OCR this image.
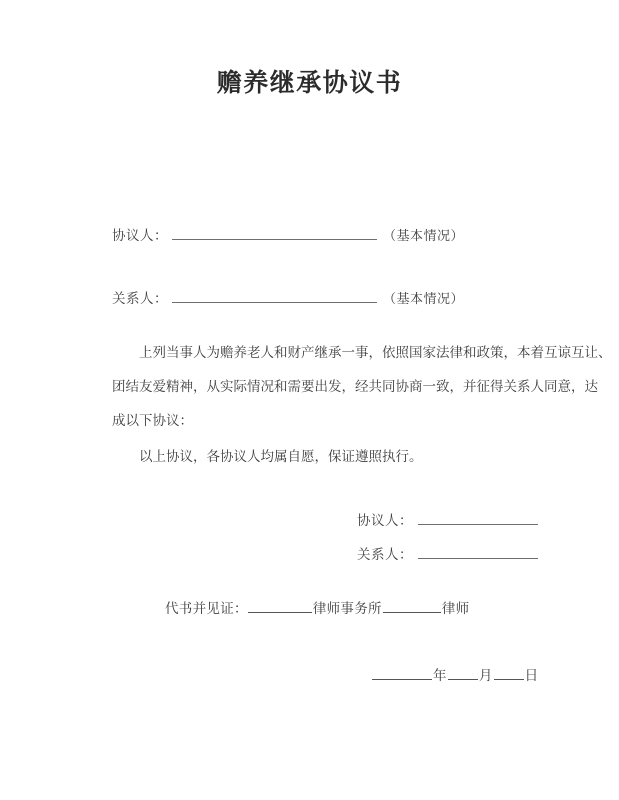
赡养继承协议书
协议人：	（基本情况）
关系人：	（基本情况）
上列当事人为赡养老人和财产继承一事，依照国家法律和政策，本着互谅互让、
团结友爱精神，从实际情况和需要出发，经共同协商一致，并征得关系人同意，达
成以下协议：
以上协议，各协议人均属自愿，保证遵照执行。
协议人：
关系人：
代书并见证：	律师事务所	律师
年 月 日
